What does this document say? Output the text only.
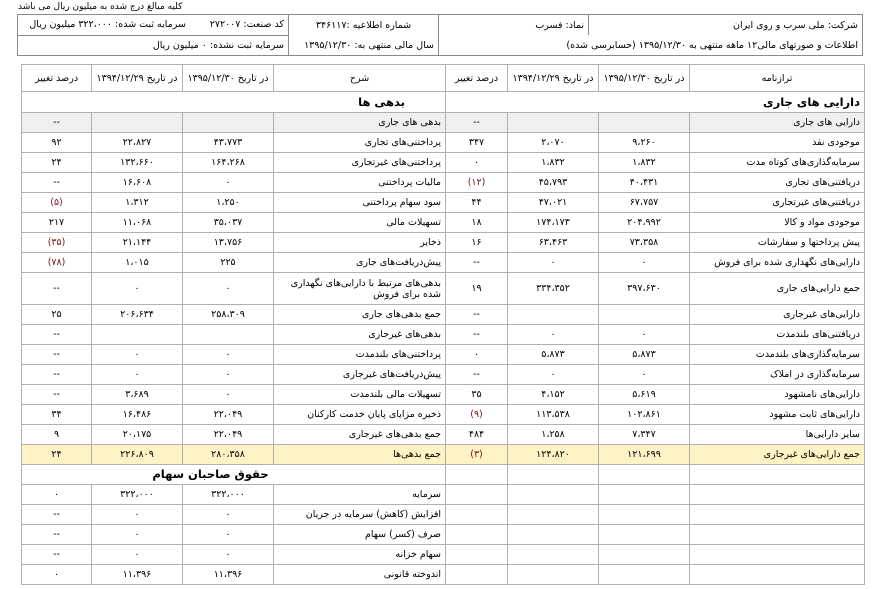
کلیه مبالغ درج شده به میلیون ریال می باشد
شرکت: ملی سرب و روی ایران	نماد: فسرب	شماره اطلاعیه :۳۴۶۱۱۷	کد صنعت: ۲۷۲۰۰۷ سرمایه ثبت شده: ۳۲۲،۰۰۰ میلیون ریال
اطلاعات و صورتهای مالی۱۲ ماهه منتهی به ۱۳۹۵/۱۲/۳۰ (حسابرسی شده)		سال مالی منتهی به: ۱۳۹۵/۱۲/۳۰	سرمایه ثبت نشده: ۰ میلیون ریال
ترازنامه	در تاریخ ۱۳۹۵/۱۲/۳۰	در تاریخ ۱۳۹۴/۱۲/۲۹	درصد تغییر	شرح	در تاریخ ۱۳۹۵/۱۲/۳۰	در تاریخ ۱۳۹۴/۱۲/۲۹	درصد تغییر
دارایی های جاری				بدهی ها			
دارایی های جاری			--	بدهی های جاری			--
موجودی نقد	۹،۲۶۰	۲،۰۷۰	۳۴۷	پرداختنی‌های تجاری	۴۳،۷۷۳	۲۲،۸۲۷	۹۲
سرمایه‌گذاری‌های کوتاه مدت	۱،۸۳۲	۱،۸۳۲	۰	پرداختنی‌های غیرتجاری	۱۶۴،۲۶۸	۱۳۲،۶۶۰	۲۴
دریافتنی‌های تجاری	۴۰،۴۳۱	۴۵،۷۹۳	(۱۲)	مالیات پرداختنی	۰	۱۶،۶۰۸	--
دریافتنی‌های غیرتجاری	۶۷،۷۵۷	۴۷،۰۲۱	۴۴	سود سهام پرداختنی	۱،۲۵۰	۱،۳۱۲	(۵)
موجودی مواد و کالا	۲۰۴،۹۹۲	۱۷۴،۱۷۳	۱۸	تسهیلات مالی	۳۵،۰۳۷	۱۱،۰۶۸	۲۱۷
پیش پرداختها و سفارشات	۷۳،۳۵۸	۶۳،۴۶۳	۱۶	ذخایر	۱۳،۷۵۶	۲۱،۱۴۴	(۳۵)
دارایی‌های نگهداری شده برای فروش	۰	۰	--	پیش‌دریافت‌های جاری	۲۲۵	۱،۰۱۵	(۷۸)
جمع دارایی‌های جاری	۳۹۷،۶۳۰	۳۳۴،۳۵۲	۱۹	بدهی‌های مرتبط با دارایی‌های نگهداری شده برای فروش	۰	۰	--
دارایی‌های غیرجاری			--	جمع بدهی‌های جاری	۲۵۸،۳۰۹	۲۰۶،۶۳۴	۲۵
دریافتنی‌های بلندمدت	۰	۰	--	بدهی‌های غیرجاری			--
سرمایه‌گذاری‌های بلندمدت	۵،۸۷۳	۵،۸۷۳	۰	پرداختنی‌های بلندمدت	۰	۰	--
سرمایه‌گذاری در املاک	۰	۰	--	پیش‌دریافت‌های غیرجاری	۰	۰	--
دارایی‌های نامشهود	۵،۶۱۹	۴،۱۵۲	۳۵	تسهیلات مالی بلندمدت	۰	۳،۶۸۹	--
دارایی‌های ثابت مشهود	۱۰۲،۸۶۱	۱۱۳،۵۳۸	(۹)	ذخیره مزایای پایان خدمت کارکنان	۲۲،۰۴۹	۱۶،۴۸۶	۳۴
سایر دارایی‌ها	۷،۳۴۷	۱،۲۵۸	۴۸۴	جمع بدهی‌های غیرجاری	۲۲،۰۴۹	۲۰،۱۷۵	۹
جمع دارایی‌های غیرجاری	۱۲۱،۶۹۹	۱۲۴،۸۲۰	(۳)	جمع بدهی‌ها	۲۸۰،۳۵۸	۲۲۶،۸۰۹	۲۴
				حقوق صاحبان سهام			
				سرمایه	۳۲۲،۰۰۰	۳۲۲،۰۰۰	۰
				افزایش (کاهش) سرمایه در جریان	۰	۰	--
				صرف (کسر) سهام	۰	۰	--
				سهام خزانه	۰	۰	--
				اندوخته قانونی	۱۱،۳۹۶	۱۱،۳۹۶	۰
